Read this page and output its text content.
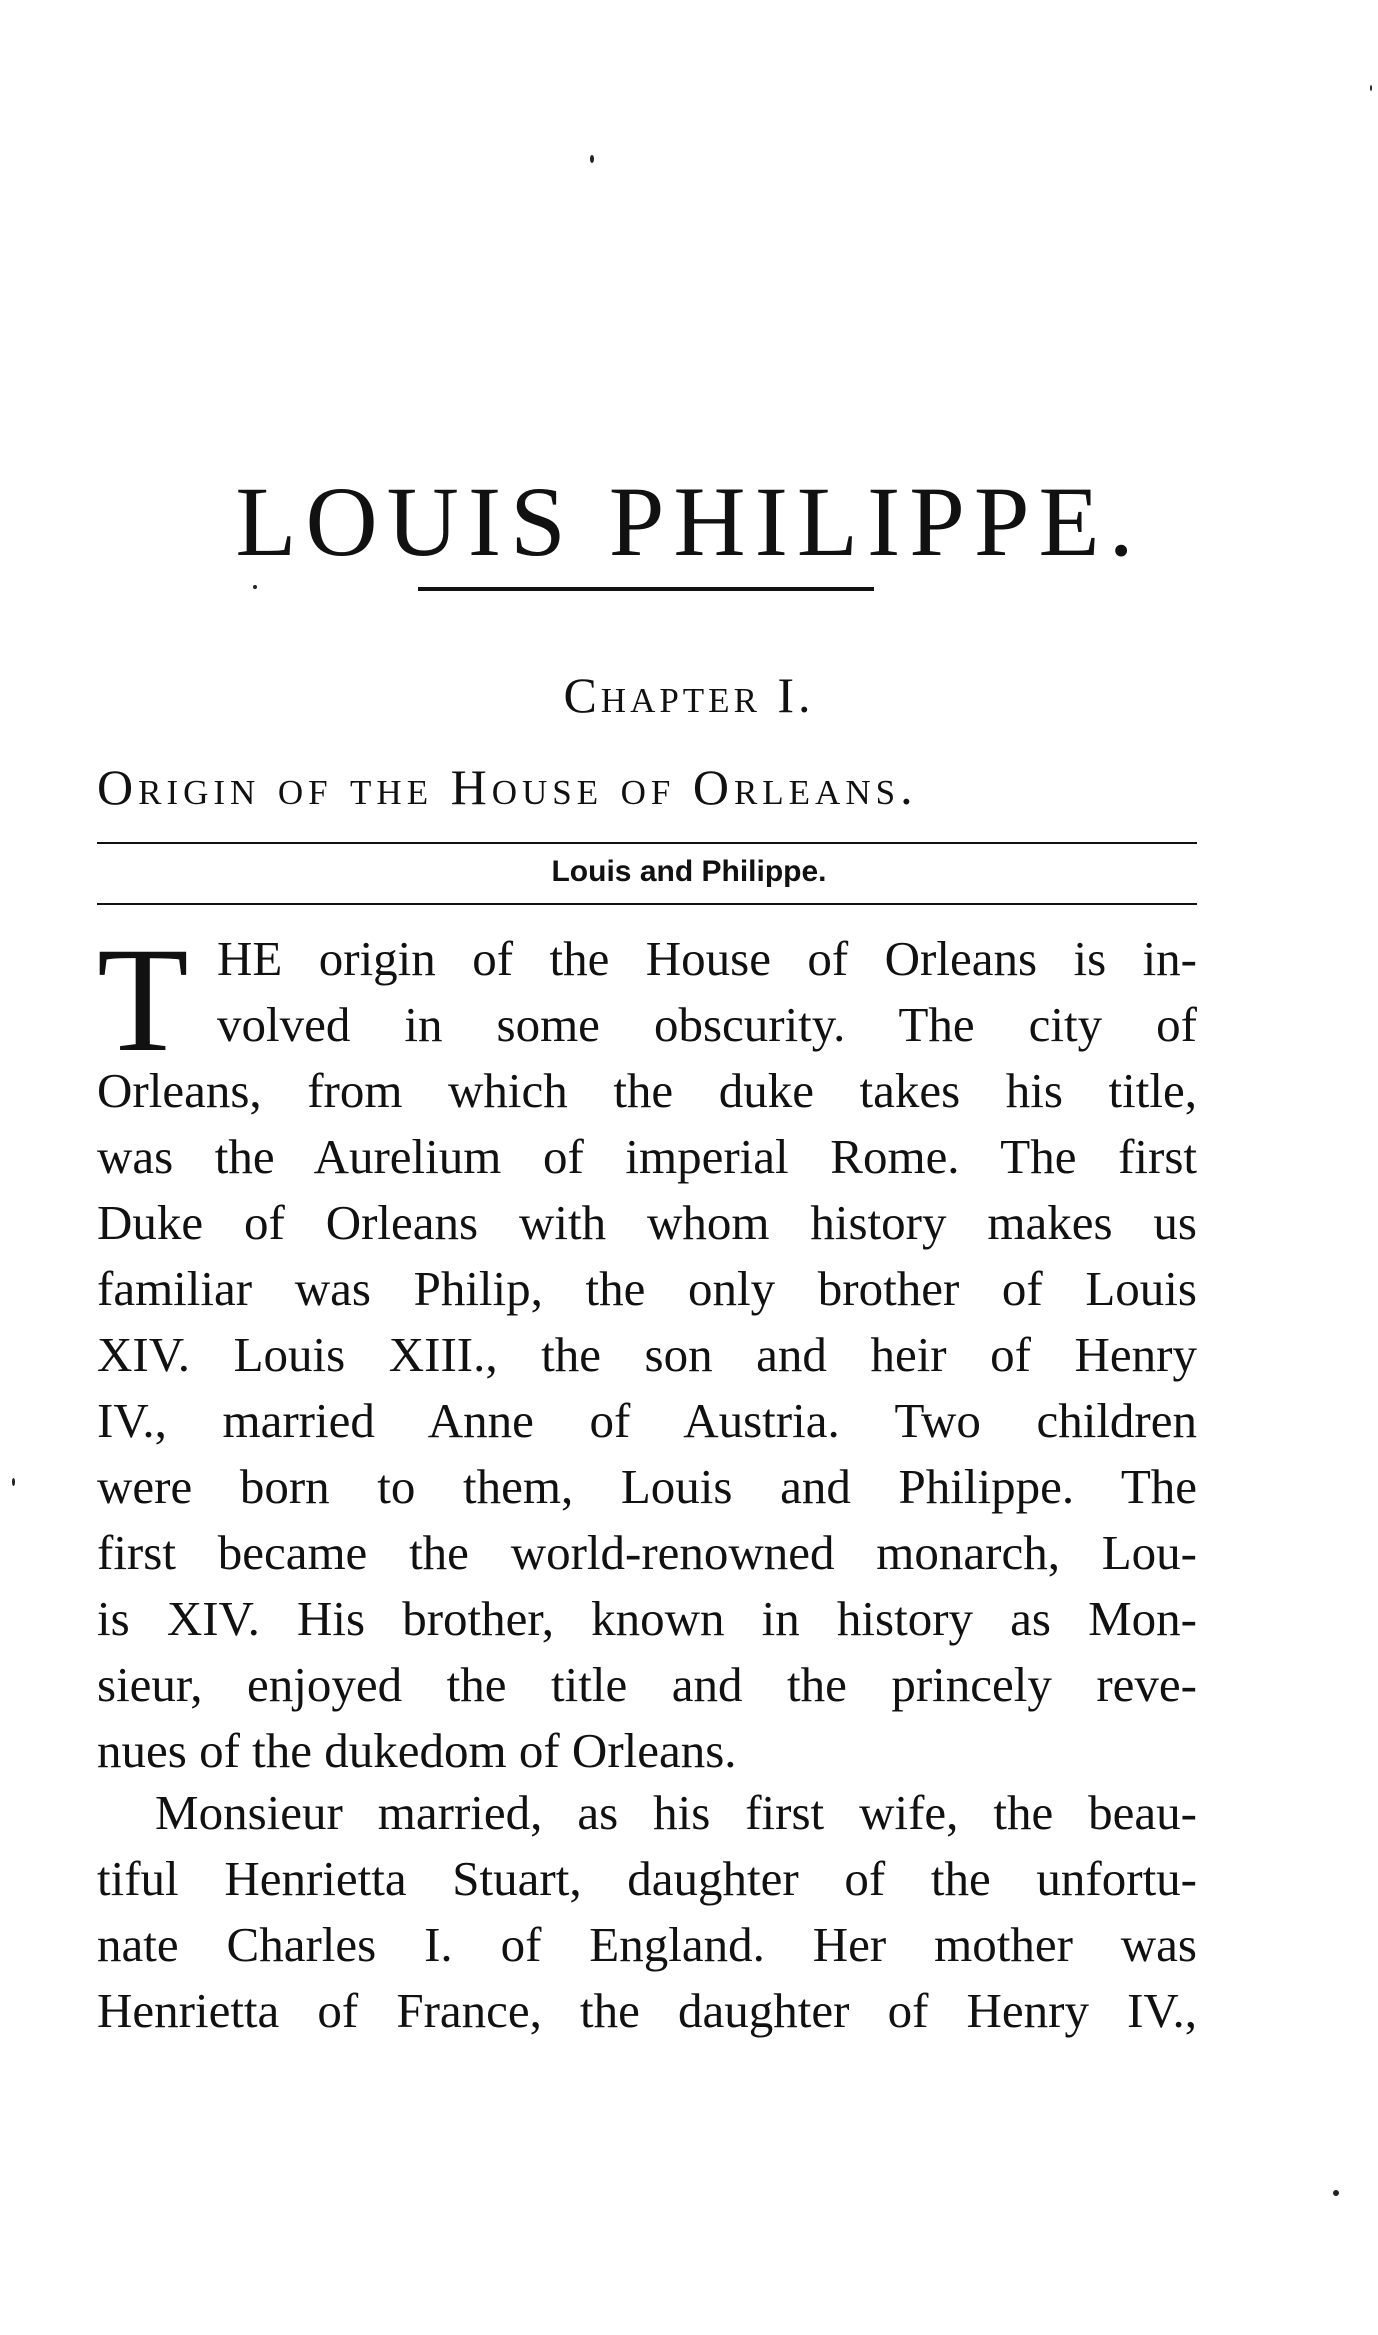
LOUIS PHILIPPE.
Chapter I.
Origin of the House of Orleans.
Louis and Philippe.
T HE origin of the House of Orleans is in-
volved in some obscurity. The city of
Orleans, from which the duke takes his title,
was the Aurelium of imperial Rome. The first
Duke of Orleans with whom history makes us
familiar was Philip, the only brother of Louis
XIV. Louis XIII., the son and heir of Henry
IV., married Anne of Austria. Two children
were born to them, Louis and Philippe. The
first became the world-renowned monarch, Lou-
is XIV. His brother, known in history as Mon-
sieur, enjoyed the title and the princely reve-
nues of the dukedom of Orleans.
Monsieur married, as his first wife, the beau-
tiful Henrietta Stuart, daughter of the unfortu-
nate Charles I. of England. Her mother was
Henrietta of France, the daughter of Henry IV.,
